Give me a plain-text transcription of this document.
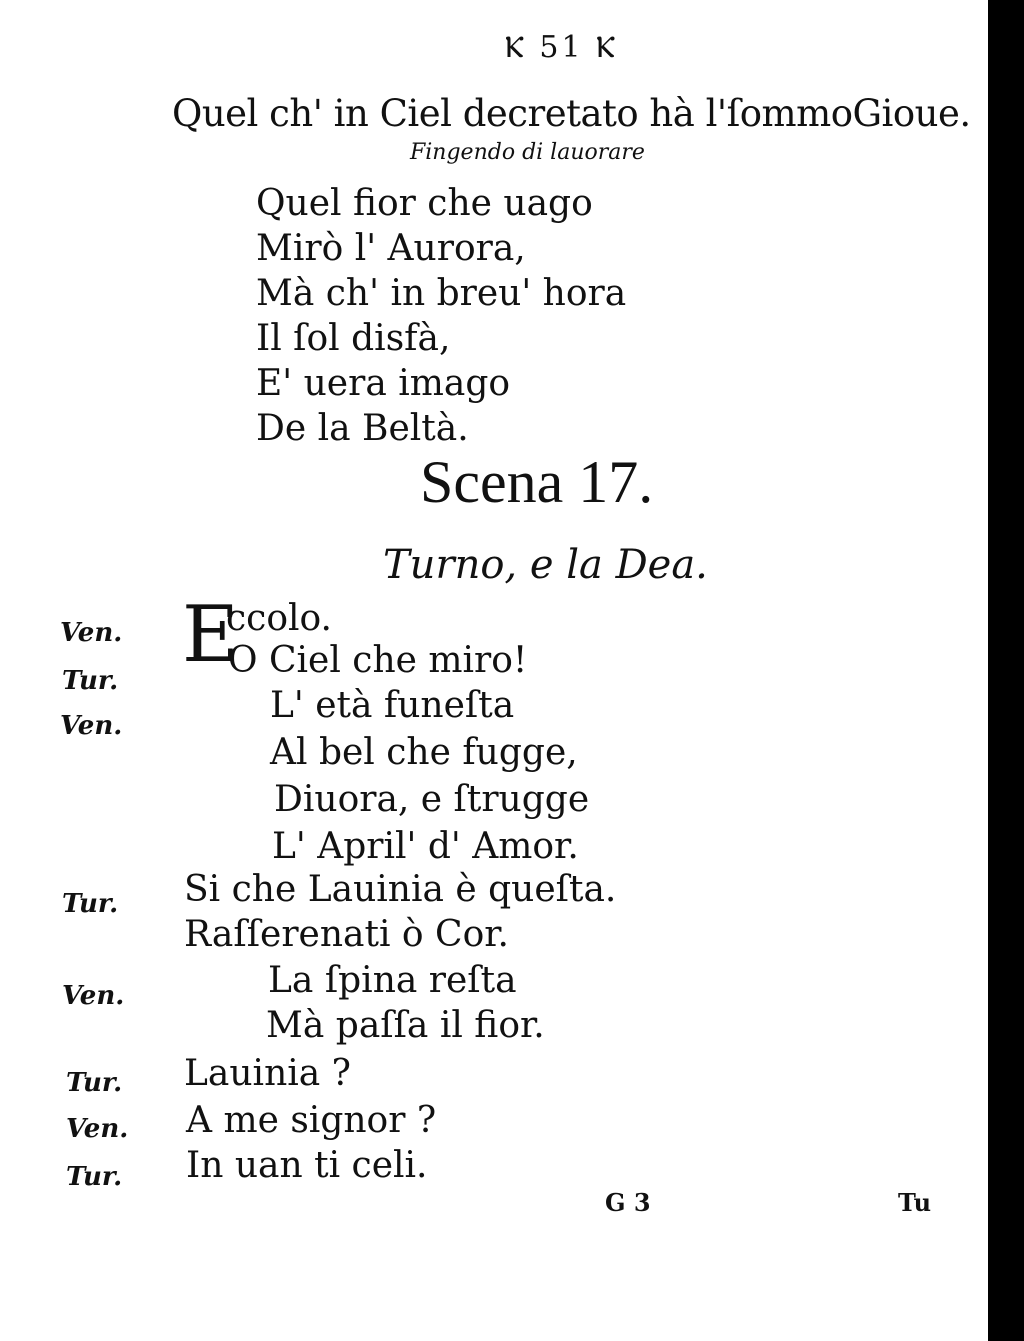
Ⲕ 51 Ⲕ
Quel ch' in Ciel decretato hà l'ſommoGioue.
Fingendo di lauorare
Quel fior che uago
Mirò l' Aurora,
Mà ch' in breu' hora
Il ſol disfà,
E' uera imago
De la Beltà.
Scena 17.
Turno, e la Dea.
Ven.
Tur.
Ven.
Tur.
Ven.
Tur.
Ven.
Tur.
E
ccolo.
O Ciel che miro!
L' età funeſta
Al bel che fugge,
Diuora, e ſtrugge
L' April' d' Amor.
Si che Lauinia è queſta.
Raſſerenati ò Cor.
La ſpina reſta
Mà paſſa il fior.
Lauinia ?
A me signor ?
In uan ti celi.
G 3	Tu
